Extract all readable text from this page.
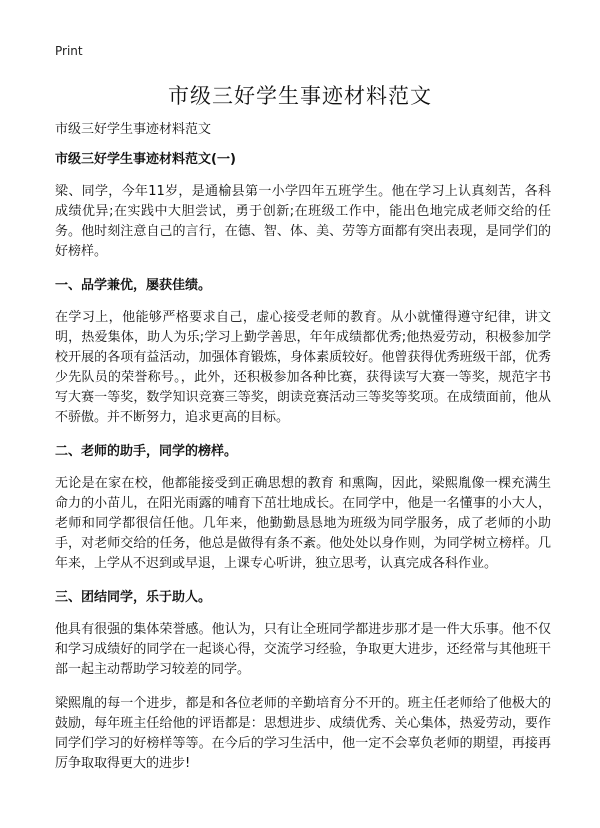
Print
市级三好学生事迹材料范文

市级三好学生事迹材料范文

市级三好学生事迹材料范文(一)

梁、同学，今年11岁，是通榆县第一小学四年五班学生。他在学习上认真刻苦，各科成绩优异;在实践中大胆尝试，勇于创新;在班级工作中，能出色地完成老师交给的任务。他时刻注意自己的言行，在德、智、体、美、劳等方面都有突出表现，是同学们的好榜样。

一、品学兼优，屡获佳绩。

在学习上，他能够严格要求自己，虚心接受老师的教育。从小就懂得遵守纪律，讲文明，热爱集体，助人为乐;学习上勤学善思，年年成绩都优秀;他热爱劳动，积极参加学校开展的各项有益活动，加强体育锻炼，身体素质较好。他曾获得优秀班级干部，优秀少先队员的荣誉称号。，此外，还积极参加各种比赛，获得读写大赛一等奖，规范字书写大赛一等奖，数学知识竞赛三等奖，朗读竞赛活动三等奖等奖项。在成绩面前，他从不骄傲。并不断努力，追求更高的目标。

二、老师的助手，同学的榜样。

无论是在家在校，他都能接受到正确思想的教育 和熏陶，因此，梁熙胤像一棵充满生命力的小苗儿，在阳光雨露的哺育下茁壮地成长。在同学中，他是一名懂事的小大人，老师和同学都很信任他。几年来，他勤勤恳恳地为班级为同学服务，成了老师的小助手，对老师交给的任务，他总是做得有条不紊。他处处以身作则，为同学树立榜样。几年来，上学从不迟到或早退，上课专心听讲，独立思考，认真完成各科作业。

三、团结同学，乐于助人。

他具有很强的集体荣誉感。他认为，只有让全班同学都进步那才是一件大乐事。他不仅和学习成绩好的同学在一起谈心得，交流学习经验，争取更大进步，还经常与其他班干部一起主动帮助学习较差的同学。

梁熙胤的每一个进步，都是和各位老师的辛勤培育分不开的。班主任老师给了他极大的鼓励，每年班主任给他的评语都是：思想进步、成绩优秀、关心集体，热爱劳动，要作同学们学习的好榜样等等。在今后的学习生活中，他一定不会辜负老师的期望，再接再厉争取取得更大的进步!
